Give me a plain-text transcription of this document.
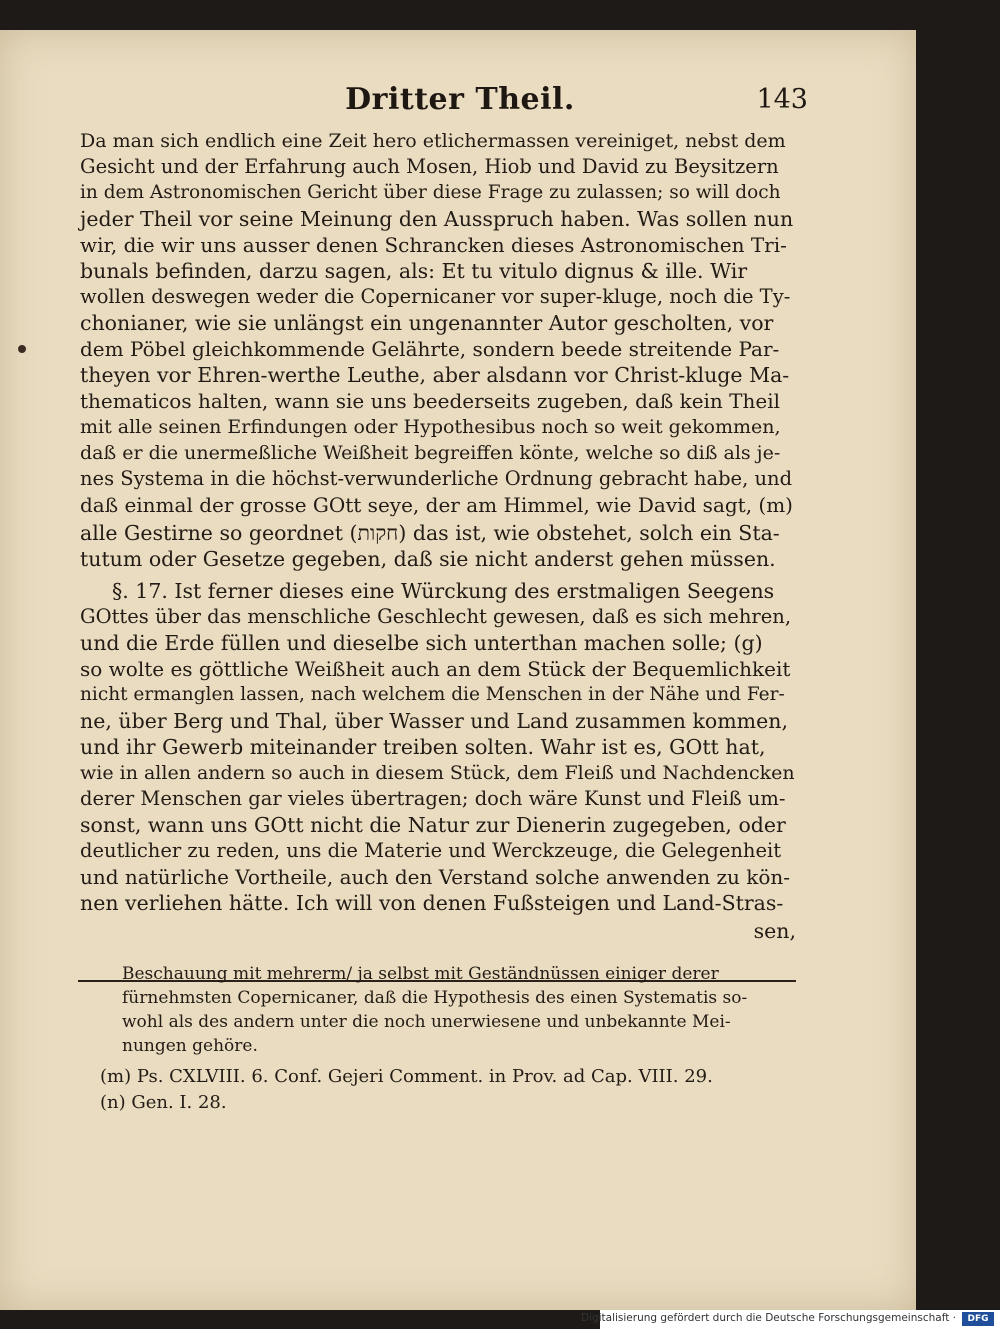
Dritter Theil.	143
Da man sich endlich eine Zeit hero etlichermassen vereiniget, nebst dem
Gesicht und der Erfahrung auch Mosen, Hiob und David zu Beysitzern
in dem Astronomischen Gericht über diese Frage zu zulassen; so will doch
jeder Theil vor seine Meinung den Ausspruch haben. Was sollen nun
wir, die wir uns ausser denen Schrancken dieses Astronomischen Tri-
bunals befinden, darzu sagen, als: Et tu vitulo dignus & ille. Wir
wollen deswegen weder die Copernicaner vor super-kluge, noch die Ty-
chonianer, wie sie unlängst ein ungenannter Autor gescholten, vor
dem Pöbel gleichkommende Gelährte, sondern beede streitende Par-
theyen vor Ehren-werthe Leuthe, aber alsdann vor Christ-kluge Ma-
thematicos halten, wann sie uns beederseits zugeben, daß kein Theil
mit alle seinen Erfindungen oder Hypothesibus noch so weit gekommen,
daß er die unermeßliche Weißheit begreiffen könte, welche so diß als je-
nes Systema in die höchst-verwunderliche Ordnung gebracht habe, und
daß einmal der grosse GOtt seye, der am Himmel, wie David sagt, (m)
alle Gestirne so geordnet (חקות) das ist, wie obstehet, solch ein Sta-
tutum oder Gesetze gegeben, daß sie nicht anderst gehen müssen.
§. 17. Ist ferner dieses eine Würckung des erstmaligen Seegens
GOttes über das menschliche Geschlecht gewesen, daß es sich mehren,
und die Erde füllen und dieselbe sich unterthan machen solle; (g)
so wolte es göttliche Weißheit auch an dem Stück der Bequemlichkeit
nicht ermanglen lassen, nach welchem die Menschen in der Nähe und Fer-
ne, über Berg und Thal, über Wasser und Land zusammen kommen,
und ihr Gewerb miteinander treiben solten. Wahr ist es, GOtt hat,
wie in allen andern so auch in diesem Stück, dem Fleiß und Nachdencken
derer Menschen gar vieles übertragen; doch wäre Kunst und Fleiß um-
sonst, wann uns GOtt nicht die Natur zur Dienerin zugegeben, oder
deutlicher zu reden, uns die Materie und Werckzeuge, die Gelegenheit
und natürliche Vortheile, auch den Verstand solche anwenden zu kön-
nen verliehen hätte. Ich will von denen Fußsteigen und Land-Stras-
sen,
Beschauung mit mehrerm/ ja selbst mit Geständnüssen einiger derer
fürnehmsten Copernicaner, daß die Hypothesis des einen Systematis so-
wohl als des andern unter die noch unerwiesene und unbekannte Mei-
nungen gehöre.
(m) Ps. CXLVIII. 6. Conf. Gejeri Comment. in Prov. ad Cap. VIII. 29.
(n) Gen. I. 28.
Digitalisierung gefördert durch die Deutsche Forschungsgemeinschaft ·	DFG
